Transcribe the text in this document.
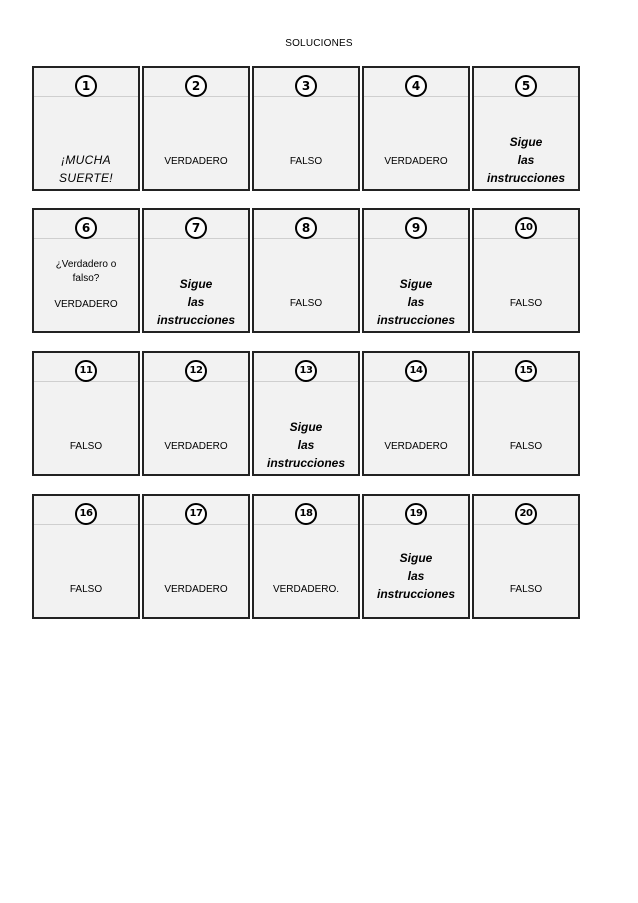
SOLUCIONES
1
¡MUCHA
SUERTE!
2
VERDADERO
3
FALSO
4
VERDADERO
5
Sigue
las
instrucciones
6
¿Verdadero o
falso?
VERDADERO
7
Sigue
las
instrucciones
8
FALSO
9
Sigue
las
instrucciones
10
FALSO
11
FALSO
12
VERDADERO
13
Sigue
las
instrucciones
14
VERDADERO
15
FALSO
16
FALSO
17
VERDADERO
18
VERDADERO.
19
Sigue
las
instrucciones
20
FALSO
